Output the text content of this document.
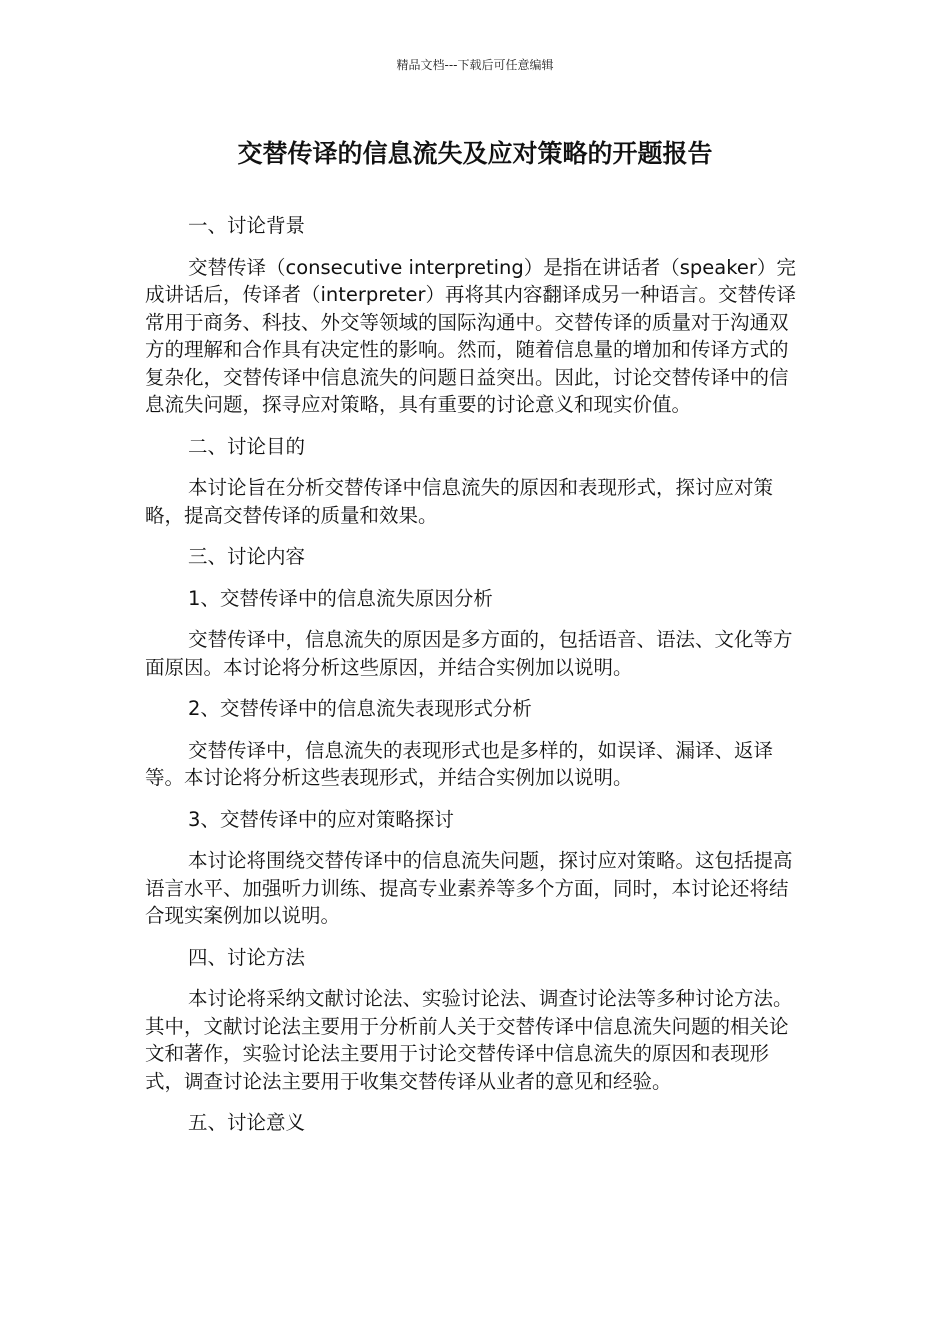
精品文档---下载后可任意编辑
交替传译的信息流失及应对策略的开题报告

一、讨论背景

交替传译（consecutive interpreting）是指在讲话者（speaker）完成讲话后，传译者（interpreter）再将其内容翻译成另一种语言。交替传译常用于商务、科技、外交等领域的国际沟通中。交替传译的质量对于沟通双方的理解和合作具有决定性的影响。然而，随着信息量的增加和传译方式的复杂化，交替传译中信息流失的问题日益突出。因此，讨论交替传译中的信息流失问题，探寻应对策略，具有重要的讨论意义和现实价值。

二、讨论目的

本讨论旨在分析交替传译中信息流失的原因和表现形式，探讨应对策略，提高交替传译的质量和效果。

三、讨论内容

1、交替传译中的信息流失原因分析

交替传译中，信息流失的原因是多方面的，包括语音、语法、文化等方面原因。本讨论将分析这些原因，并结合实例加以说明。

2、交替传译中的信息流失表现形式分析

交替传译中，信息流失的表现形式也是多样的，如误译、漏译、返译等。本讨论将分析这些表现形式，并结合实例加以说明。

3、交替传译中的应对策略探讨

本讨论将围绕交替传译中的信息流失问题，探讨应对策略。这包括提高语言水平、加强听力训练、提高专业素养等多个方面，同时，本讨论还将结合现实案例加以说明。

四、讨论方法

本讨论将采纳文献讨论法、实验讨论法、调查讨论法等多种讨论方法。其中，文献讨论法主要用于分析前人关于交替传译中信息流失问题的相关论文和著作，实验讨论法主要用于讨论交替传译中信息流失的原因和表现形式，调查讨论法主要用于收集交替传译从业者的意见和经验。

五、讨论意义
